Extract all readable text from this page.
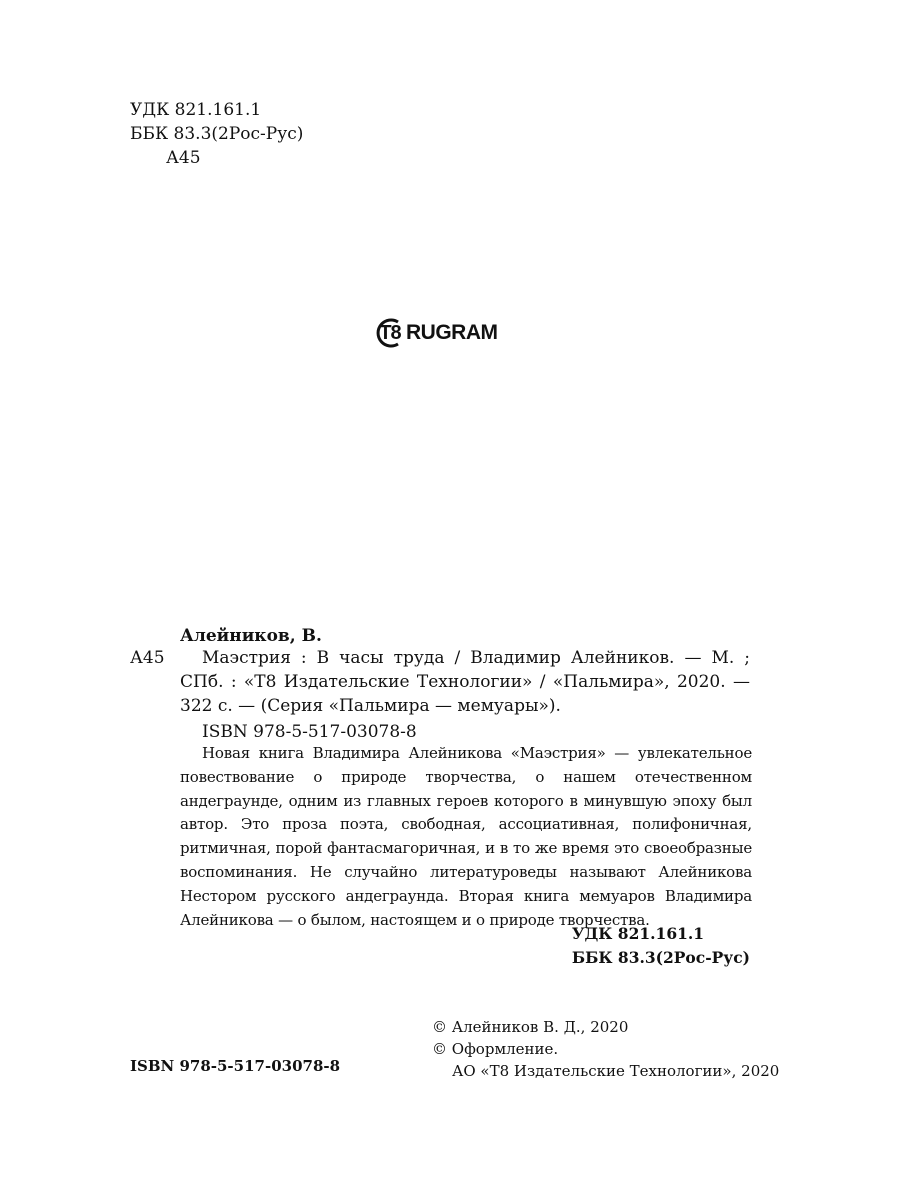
УДК 821.161.1
ББК 83.3(2Рос-Рус)
А45
T8 RUGRAM
Алейников, В.
А45	Маэстрия : В часы труда / Владимир Алейников. — М. ; СПб. : «Т8 Издательские Технологии» / «Пальмира», 2020. — 322 с. — (Серия «Пальмира — мемуары»).
ISBN 978-5-517-03078-8
Новая книга Владимира Алейникова «Маэстрия» — увлекательное повествование о природе творчества, о нашем отечественном андеграунде, одним из главных героев которого в минувшую эпоху был автор. Это проза поэта, свободная, ассоциативная, полифоничная, ритмичная, порой фантасмагоричная, и в то же время это своеобразные воспоминания. Не случайно литературоведы называют Алейникова Нестором русского андеграунда. Вторая книга мемуаров Владимира Алейникова — о былом, настоящем и о природе творчества.
УДК 821.161.1
ББК 83.3(2Рос-Рус)
ISBN 978-5-517-03078-8
© Алейников В. Д., 2020
© Оформление.
АО «Т8 Издательские Технологии», 2020
